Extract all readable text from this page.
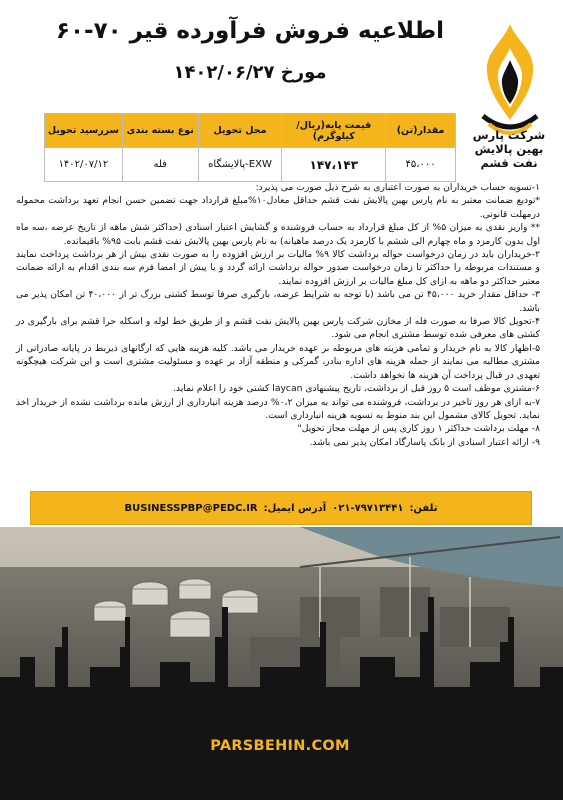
اطلاعیه فروش فرآورده قیر ۷۰-۶۰
مورخ ۱۴۰۲/۰۶/۲۷
شرکت پارس
بهین پالایش
نفت قشم
مقدار(تن)	قیمت پایه(ریال/کیلوگرم)	محل تحویل	نوع بسته بندی	سررسید تحویل
۴۵،۰۰۰	۱۴۷،۱۴۳	EXW-پالایشگاه	فله	۱۴۰۲/۰۷/۱۲

۱-تسویه حساب خریداران به صورت اعتباری به شرح ذیل صورت می پذیرد:

*تودیع ضمانت معتبر به نام پارس بهین پالایش نفت قشم حداقل معادل۱۰%مبلغ قرارداد جهت تضمین حسن انجام تعهد برداشت محموله درمهلت قانونی.

** واریز نقدی به میزان ۵% از کل مبلغ قرارداد به حساب فروشنده و گشایش اعتبار اسنادی (حداکثر شش ماهه از تاریخ عرضه ،سه ماه اول بدون کارمزد و ماه چهارم الی ششم با کارمزد یک درصد ماهیانه) به نام پارس بهین پالایش نفت قشم بابت ۹۵% باقیمانده.

۲-خریداران باید در زمان درخواست حواله برداشت کالا ۹% مالیات بر ارزش افزوده را به صورت نقدی بیش از هر برداشت پرداخت نمایند و مستندات مربوطه را حداکثر تا زمان درخواست صدور حواله برداشت ارائه گردد و یا پیش از امضا فرم سه بندی اقدام به ارائه ضمانت معتبر حداکثر دو ماهه به ازای کل مبلغ مالیات بر ارزش افزوده نمایند.

۳- حداقل مقدار خرید ۴۵،۰۰۰ تن می باشد (با توجه به شرایط عرضه، بارگیری صرفا توسط کشتی بزرگ تر از ۴۰،۰۰۰ تن امکان پذیر می باشد.

۴-تحویل کالا صرفا به صورت فله از مخازن شرکت پارس بهین پالایش نفت قشم و از طریق خط لوله و اسکله حرا قشم برای بارگیری در کشتی های معرفی شده توسط مشتری انجام می شود.

۵-اظهار کالا به نام خریدار و تمامی هزینه های مربوطه بر عهده خریدار می باشد. کلیه هزینه هایی که ارگانهای ذیربط در پایانه صادراتی از مشتری مطالبه می نمایند از جمله هزینه های اداره بنادر، گمرکی و منطقه آزاد بر عهده و مسئولیت مشتری است و این شرکت هیچگونه تعهدی در قبال پرداخت آن هزینه ها نخواهد داشت.

۶-مشتری موظف است ۵ روز قبل از برداشت، تاریخ پیشنهادی laycan کشتی خود را اعلام نماید.

۷-به ازای هر روز تاخیر در برداشت، فروشنده می تواند به میزان ۰،۲% درصد هزینه انبارداری از ارزش مانده برداشت نشده از خریدار اخذ نماید. تحویل کالای مشمول این بند منوط به تسویه هزینه انبارداری است.

۸- مهلت برداشت حداکثر ۱ روز کاری پس از مهلت مجاز تحویل"

۹- ارائه اعتبار اسنادی از بانک پاسارگاد امکان پذیر نمی باشد.

تلفن:
۰۲۱-۷۹۷۱۳۴۴۱
آدرس ایمیل:
BUSINESSPBP@PEDC.IR
PARSBEHIN.COM
